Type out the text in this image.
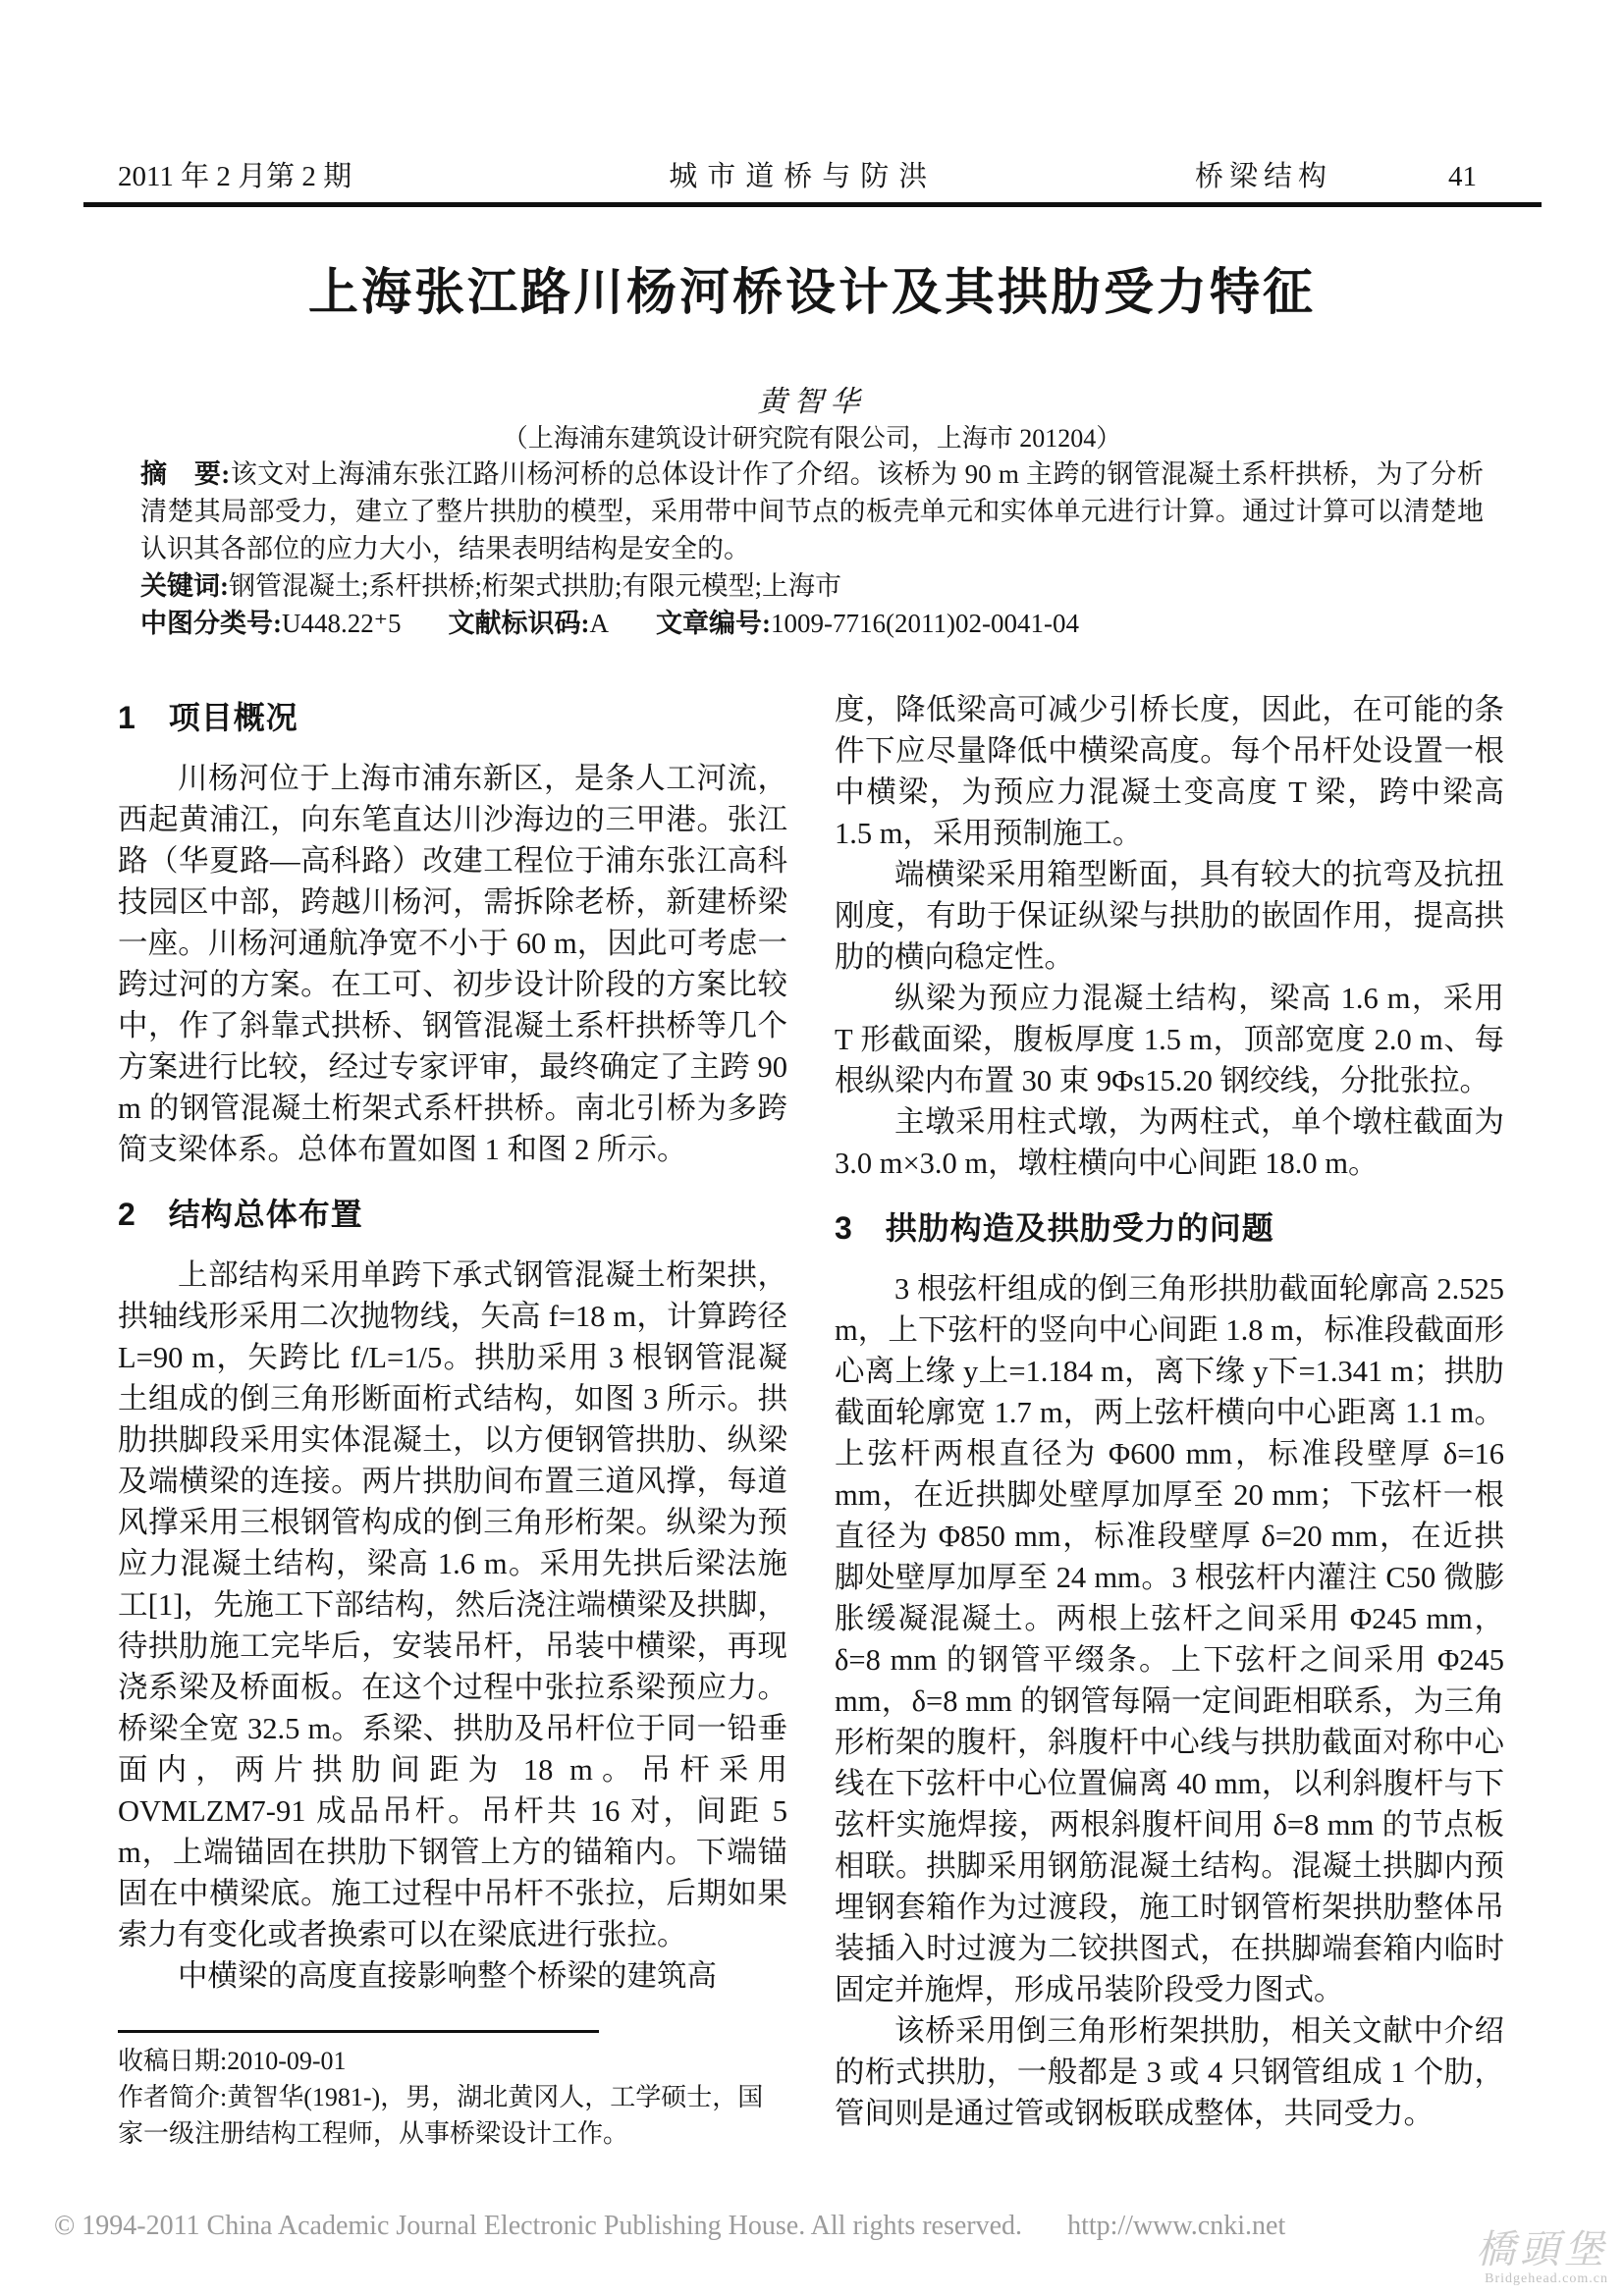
2011 年 2 月第 2 期	城市道桥与防洪	桥梁结构	41
上海张江路川杨河桥设计及其拱肋受力特征
黄智华
（上海浦东建筑设计研究院有限公司，上海市 201204）

摘　要:该文对上海浦东张江路川杨河桥的总体设计作了介绍。该桥为 90 m 主跨的钢管混凝土系杆拱桥，为了分析清楚其局部受力，建立了整片拱肋的模型，采用带中间节点的板壳单元和实体单元进行计算。通过计算可以清楚地认识其各部位的应力大小，结果表明结构是安全的。

关键词:钢管混凝土;系杆拱桥;桁架式拱肋;有限元模型;上海市

中图分类号:U448.22⁺5 文献标识码:A 文章编号:1009-7716(2011)02-0041-04

1　项目概况

川杨河位于上海市浦东新区，是条人工河流，西起黄浦江，向东笔直达川沙海边的三甲港。张江路（华夏路—高科路）改建工程位于浦东张江高科技园区中部，跨越川杨河，需拆除老桥，新建桥梁一座。川杨河通航净宽不小于 60 m，因此可考虑一跨过河的方案。在工可、初步设计阶段的方案比较中，作了斜靠式拱桥、钢管混凝土系杆拱桥等几个方案进行比较，经过专家评审，最终确定了主跨 90 m 的钢管混凝土桁架式系杆拱桥。南北引桥为多跨简支梁体系。总体布置如图 1 和图 2 所示。

2　结构总体布置

上部结构采用单跨下承式钢管混凝土桁架拱，拱轴线形采用二次抛物线，矢高 f=18 m，计算跨径 L=90 m，矢跨比 f/L=1/5。拱肋采用 3 根钢管混凝土组成的倒三角形断面桁式结构，如图 3 所示。拱肋拱脚段采用实体混凝土，以方便钢管拱肋、纵梁及端横梁的连接。两片拱肋间布置三道风撑，每道风撑采用三根钢管构成的倒三角形桁架。纵梁为预应力混凝土结构，梁高 1.6 m。采用先拱后梁法施工[1]，先施工下部结构，然后浇注端横梁及拱脚，待拱肋施工完毕后，安装吊杆，吊装中横梁，再现浇系梁及桥面板。在这个过程中张拉系梁预应力。桥梁全宽 32.5 m。系梁、拱肋及吊杆位于同一铅垂面内，两片拱肋间距为 18 m。吊杆采用 OVMLZM7-91 成品吊杆。吊杆共 16 对，间距 5 m，上端锚固在拱肋下钢管上方的锚箱内。下端锚固在中横梁底。施工过程中吊杆不张拉，后期如果索力有变化或者换索可以在梁底进行张拉。

中横梁的高度直接影响整个桥梁的建筑高

收稿日期:2010-09-01

作者简介:黄智华(1981-)，男，湖北黄冈人，工学硕士，国家一级注册结构工程师，从事桥梁设计工作。

度，降低梁高可减少引桥长度，因此，在可能的条件下应尽量降低中横梁高度。每个吊杆处设置一根中横梁，为预应力混凝土变高度 T 梁，跨中梁高 1.5 m，采用预制施工。

端横梁采用箱型断面，具有较大的抗弯及抗扭刚度，有助于保证纵梁与拱肋的嵌固作用，提高拱肋的横向稳定性。

纵梁为预应力混凝土结构，梁高 1.6 m，采用 T 形截面梁，腹板厚度 1.5 m，顶部宽度 2.0 m、每根纵梁内布置 30 束 9Φs15.20 钢绞线，分批张拉。

主墩采用柱式墩，为两柱式，单个墩柱截面为 3.0 m×3.0 m，墩柱横向中心间距 18.0 m。

3　拱肋构造及拱肋受力的问题

3 根弦杆组成的倒三角形拱肋截面轮廓高 2.525 m，上下弦杆的竖向中心间距 1.8 m，标准段截面形心离上缘 y上=1.184 m，离下缘 y下=1.341 m；拱肋截面轮廓宽 1.7 m，两上弦杆横向中心距离 1.1 m。上弦杆两根直径为 Φ600 mm，标准段壁厚 δ=16 mm，在近拱脚处壁厚加厚至 20 mm；下弦杆一根直径为 Φ850 mm，标准段壁厚 δ=20 mm，在近拱脚处壁厚加厚至 24 mm。3 根弦杆内灌注 C50 微膨胀缓凝混凝土。两根上弦杆之间采用 Φ245 mm，δ=8 mm 的钢管平缀条。上下弦杆之间采用 Φ245 mm，δ=8 mm 的钢管每隔一定间距相联系，为三角形桁架的腹杆，斜腹杆中心线与拱肋截面对称中心线在下弦杆中心位置偏离 40 mm，以利斜腹杆与下弦杆实施焊接，两根斜腹杆间用 δ=8 mm 的节点板相联。拱脚采用钢筋混凝土结构。混凝土拱脚内预埋钢套箱作为过渡段，施工时钢管桁架拱肋整体吊装插入时过渡为二铰拱图式，在拱脚端套箱内临时固定并施焊，形成吊装阶段受力图式。

该桥采用倒三角形桁架拱肋，相关文献中介绍的桁式拱肋，一般都是 3 或 4 只钢管组成 1 个肋，管间则是通过管或钢板联成整体，共同受力。

© 1994-2011 China Academic Journal Electronic Publishing House. All rights reserved. http://www.cnki.net
橋頭堡
Bridgehead.com.cn
